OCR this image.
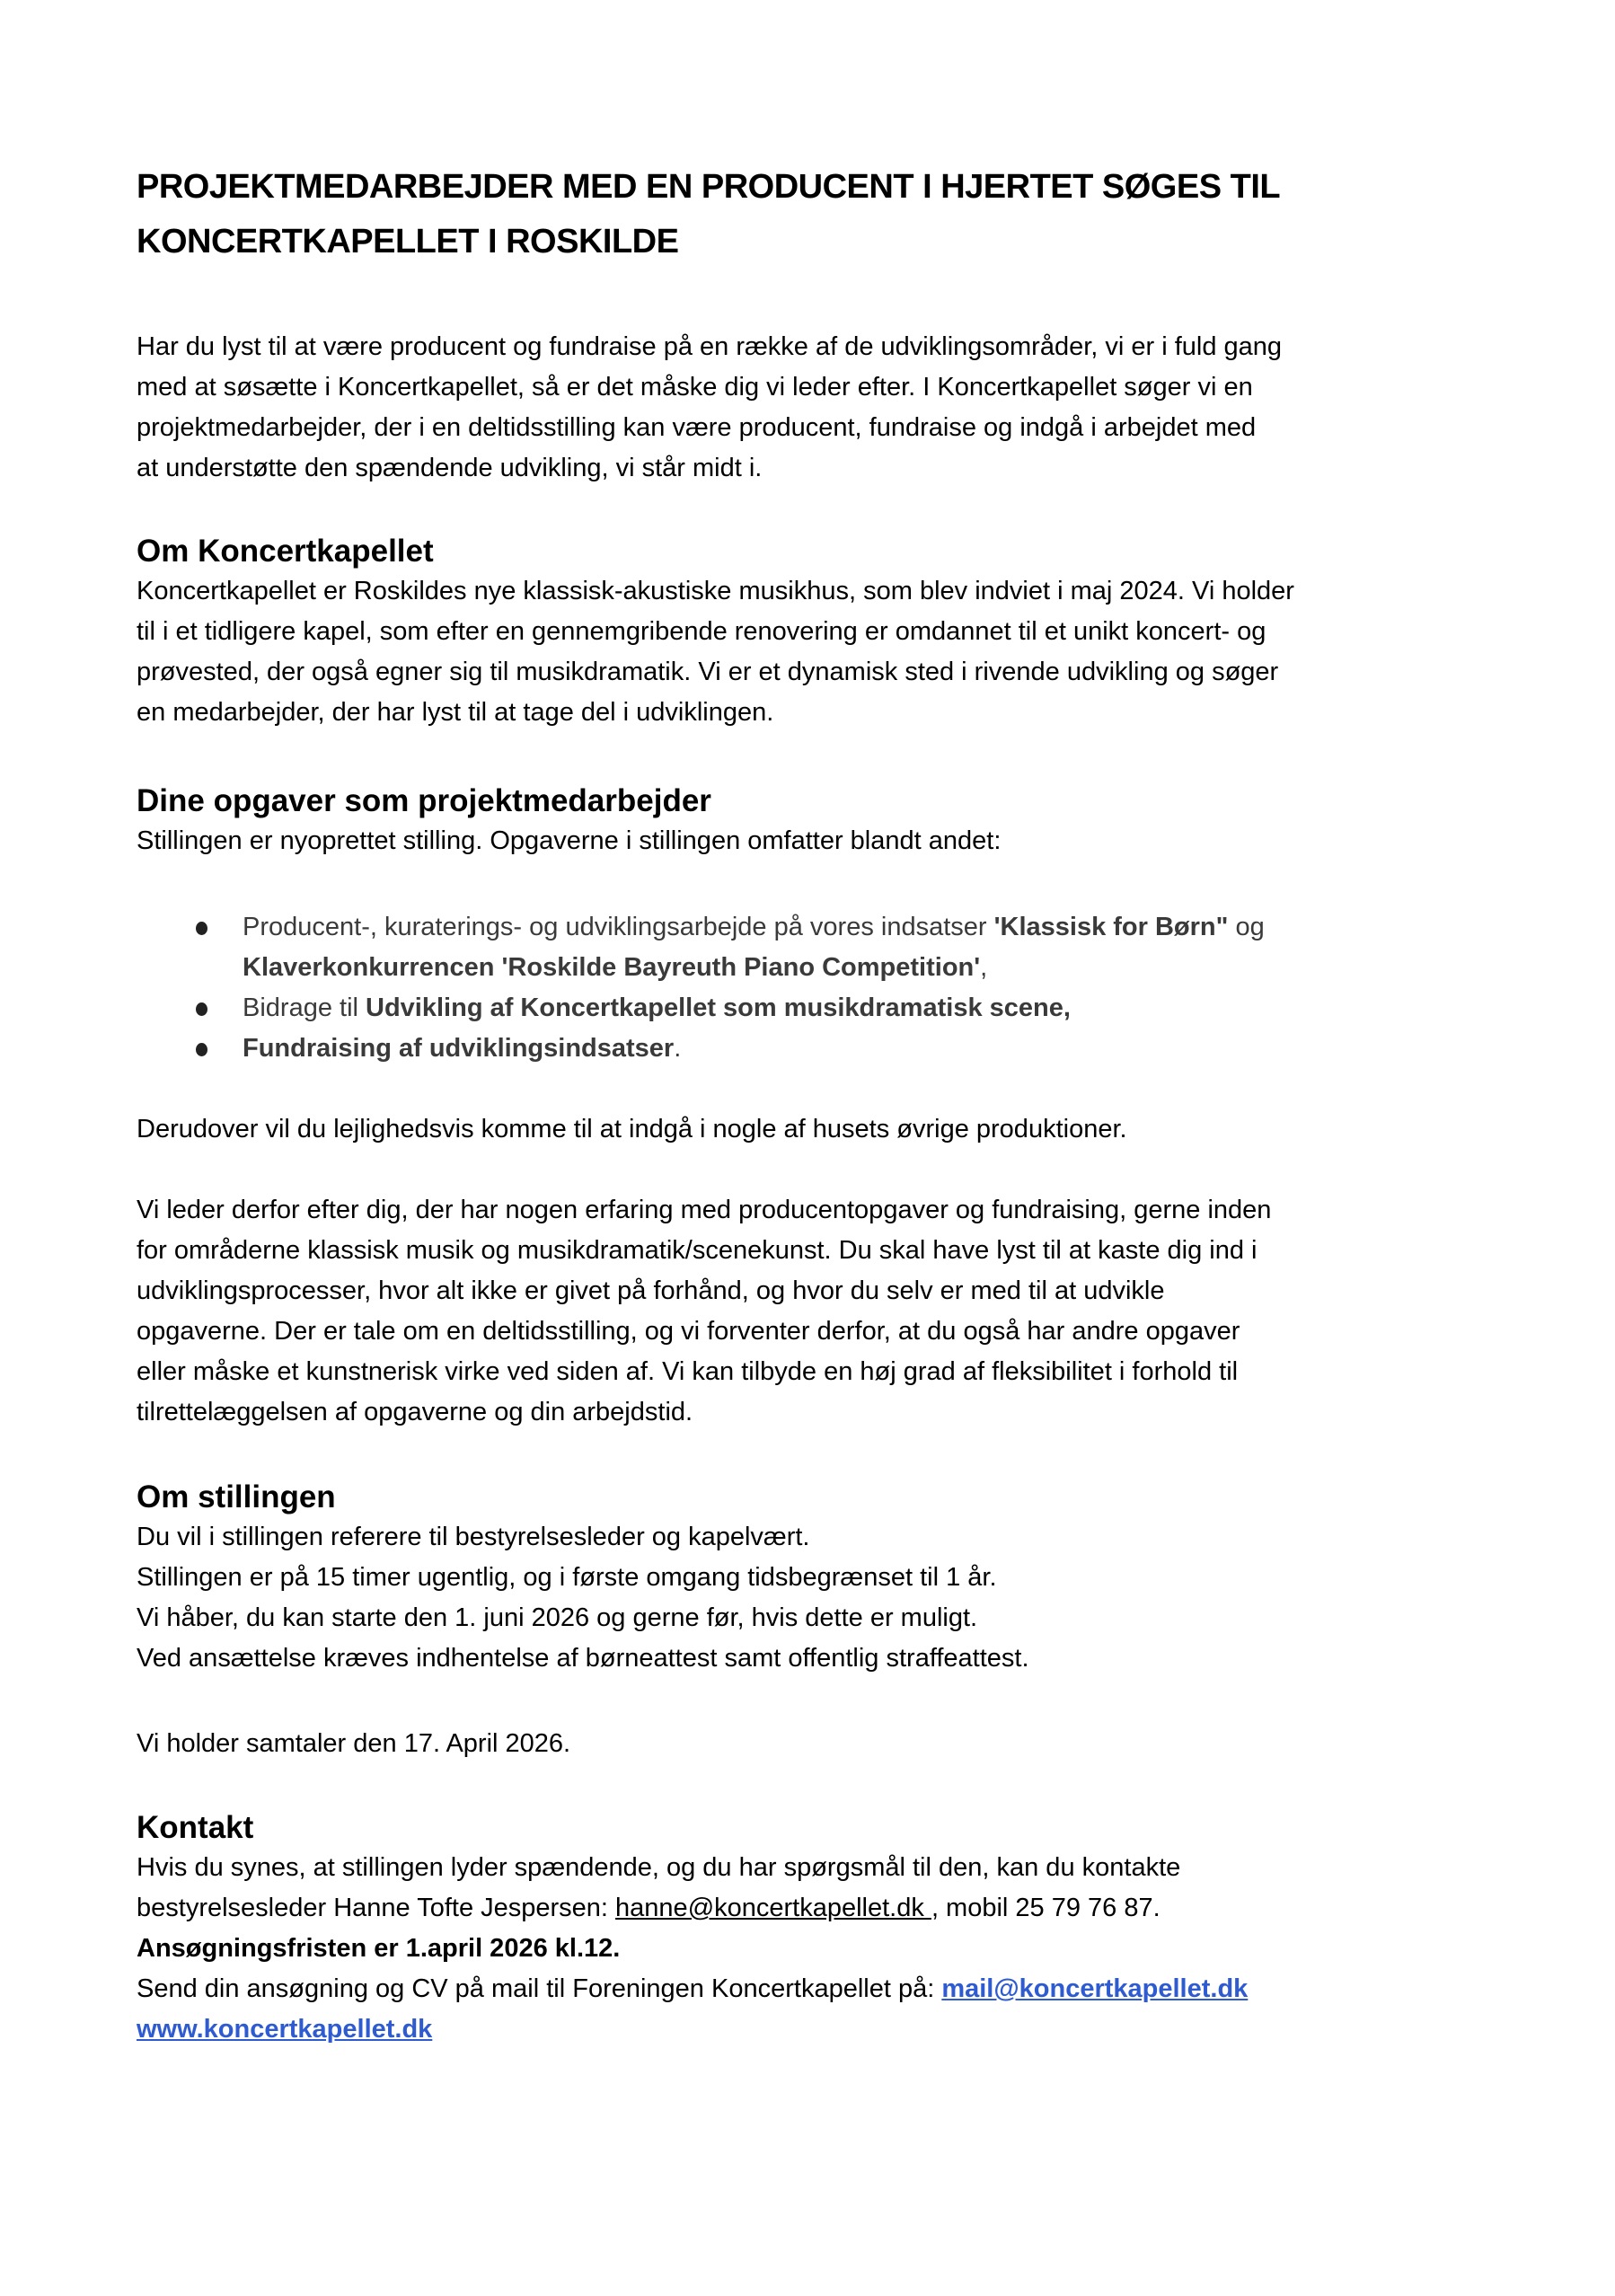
PROJEKTMEDARBEJDER MED EN PRODUCENT I HJERTET SØGES TIL
KONCERTKAPELLET I ROSKILDE
Har du lyst til at være producent og fundraise på en række af de udviklingsområder, vi er i fuld gang
med at søsætte i Koncertkapellet, så er det måske dig vi leder efter. I Koncertkapellet søger vi en
projektmedarbejder, der i en deltidsstilling kan være producent, fundraise og indgå i arbejdet med
at understøtte den spændende udvikling, vi står midt i.
Om Koncertkapellet
Koncertkapellet er Roskildes nye klassisk-akustiske musikhus, som blev indviet i maj 2024. Vi holder
til i et tidligere kapel, som efter en gennemgribende renovering er omdannet til et unikt koncert- og
prøvested, der også egner sig til musikdramatik. Vi er et dynamisk sted i rivende udvikling og søger
en medarbejder, der har lyst til at tage del i udviklingen.
Dine opgaver som projektmedarbejder
Stillingen er nyoprettet stilling. Opgaverne i stillingen omfatter blandt andet:
Producent-, kuraterings- og udviklingsarbejde på vores indsatser 'Klassisk for Børn" og
Klaverkonkurrencen 'Roskilde Bayreuth Piano Competition',
Bidrage til Udvikling af Koncertkapellet som musikdramatisk scene,
Fundraising af udviklingsindsatser.
Derudover vil du lejlighedsvis komme til at indgå i nogle af husets øvrige produktioner.
Vi leder derfor efter dig, der har nogen erfaring med producentopgaver og fundraising, gerne inden
for områderne klassisk musik og musikdramatik/scenekunst. Du skal have lyst til at kaste dig ind i
udviklingsprocesser, hvor alt ikke er givet på forhånd, og hvor du selv er med til at udvikle
opgaverne. Der er tale om en deltidsstilling, og vi forventer derfor, at du også har andre opgaver
eller måske et kunstnerisk virke ved siden af. Vi kan tilbyde en høj grad af fleksibilitet i forhold til
tilrettelæggelsen af opgaverne og din arbejdstid.
Om stillingen
Du vil i stillingen referere til bestyrelsesleder og kapelvært.
Stillingen er på 15 timer ugentlig, og i første omgang tidsbegrænset til 1 år.
Vi håber, du kan starte den 1. juni 2026 og gerne før, hvis dette er muligt.
Ved ansættelse kræves indhentelse af børneattest samt offentlig straffeattest.
Vi holder samtaler den 17. April 2026.
Kontakt
Hvis du synes, at stillingen lyder spændende, og du har spørgsmål til den, kan du kontakte
bestyrelsesleder Hanne Tofte Jespersen: hanne@koncertkapellet.dk , mobil 25 79 76 87.
Ansøgningsfristen er 1.april 2026 kl.12.
Send din ansøgning og CV på mail til Foreningen Koncertkapellet på: mail@koncertkapellet.dk
www.koncertkapellet.dk
